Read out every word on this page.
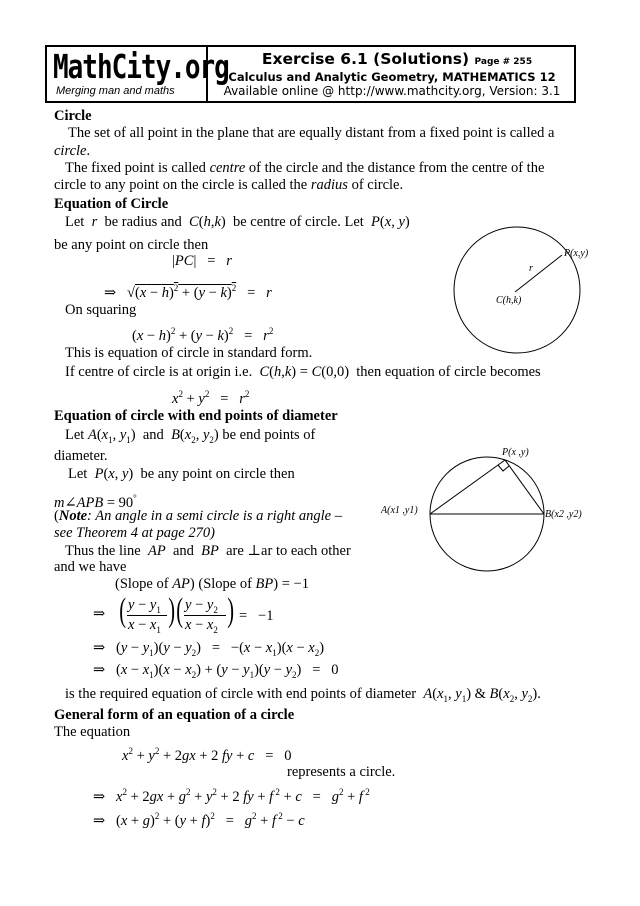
MathCity.org
Merging man and maths
Exercise 6.1 (Solutions) Page # 255
Calculus and Analytic Geometry, MATHEMATICS 12
Available online @ http://www.mathcity.org, Version: 3.1
Circle
The set of all point in the plane that are equally distant from a fixed point is called a
circle.
The fixed point is called centre of the circle and the distance from the centre of the
circle to any point on the circle is called the radius of circle.
Equation of Circle
Let  r  be radius and C(h,k)  be centre of circle. Let P(x, y)
be any point on circle then
|PC|   =   r
⇒   $√(x - h)^2 + (y - k)^2 = r$
On squaring
$(x - h)^2 + (y - k)^2 = r^2$
This is equation of circle in standard form.
If centre of circle is at origin i.e. C(h,k) = C(0,0)  then equation of circle becomes
$x^2 + y^2 = r^2$
P(x,y)
r
C(h,k)
Equation of circle with end points of diameter
Let $A(x_1$, $y_1$)  and $B(x_2$, $y_2$) be end points of
diameter.
Let P(x, y)  be any point on circle then
m∠APB = 90°
(Note: An angle in a semi circle is a right angle –
see Theorem 4 at page 270)
Thus the line AP and BP are ⊥ar to each other
and we have
(Slope of AP) (Slope of BP) = −1
⇒ ( $y - y_1$
$x - x_1$
) ( $y - y_2$
$x - x_2$
) =   −1
⇒   $(y - y_1)(y - y_2) = -(x - x_1)(x - x_2)$
⇒   $(x - x_1)(x - x_2) + (y - y_1)(y - y_2) = 0$
is the required equation of circle with end points of diameter $A(x_1$, $y_1$) & $B(x_2$, $y_2$).
P(x ,y)
A(x1 ,y1)	B(x2 ,y2)
General form of an equation of a circle
The equation
$x^2 + y^2 + 2gx + 2$ fy + c   =   0
represents a circle.
⇒   $x^2 + 2gx + g^2 + y^2 + 2$ fy + f $^2 + c = g^2 + f$ $^2$
⇒   $(x + g)^2 + (y + f)^2 = g^2 + f$ $^2$ − c
